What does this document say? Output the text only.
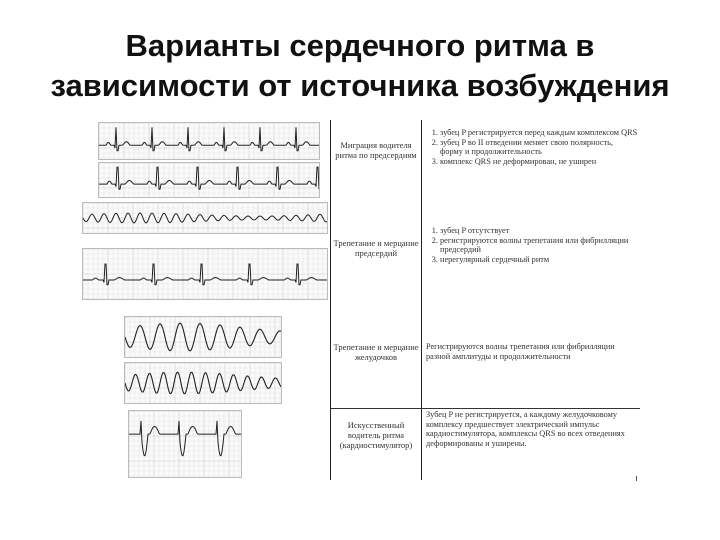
Варианты сердечного ритма в
зависимости от источника возбуждения
Миграция водителя ритма по предсердиям
Трепетание и мерцание предсердий
Трепетание и мерцание желудочков
Искусственный водитель ритма (кардиостимулятор)
1. зубец P регистрируется перед каждым комплексом QRS
2. зубец P во II отведении меняет свою полярность, форму и продолжительность
3. комплекс QRS не деформирован, не уширен
1. зубец P отсутствует
2. регистрируются волны трепетания или фибрилляции предсердий
3. нерегулярный сердечный ритм
Регистрируются волны трепетания или фибрилляции разной амплитуды и продолжительности
Зубец P не регистрируется, а каждому желудочковому комплексу предшествует электрический импульс кардиостимулятора, комплексы QRS во всех отведениях деформированы и уширены.
